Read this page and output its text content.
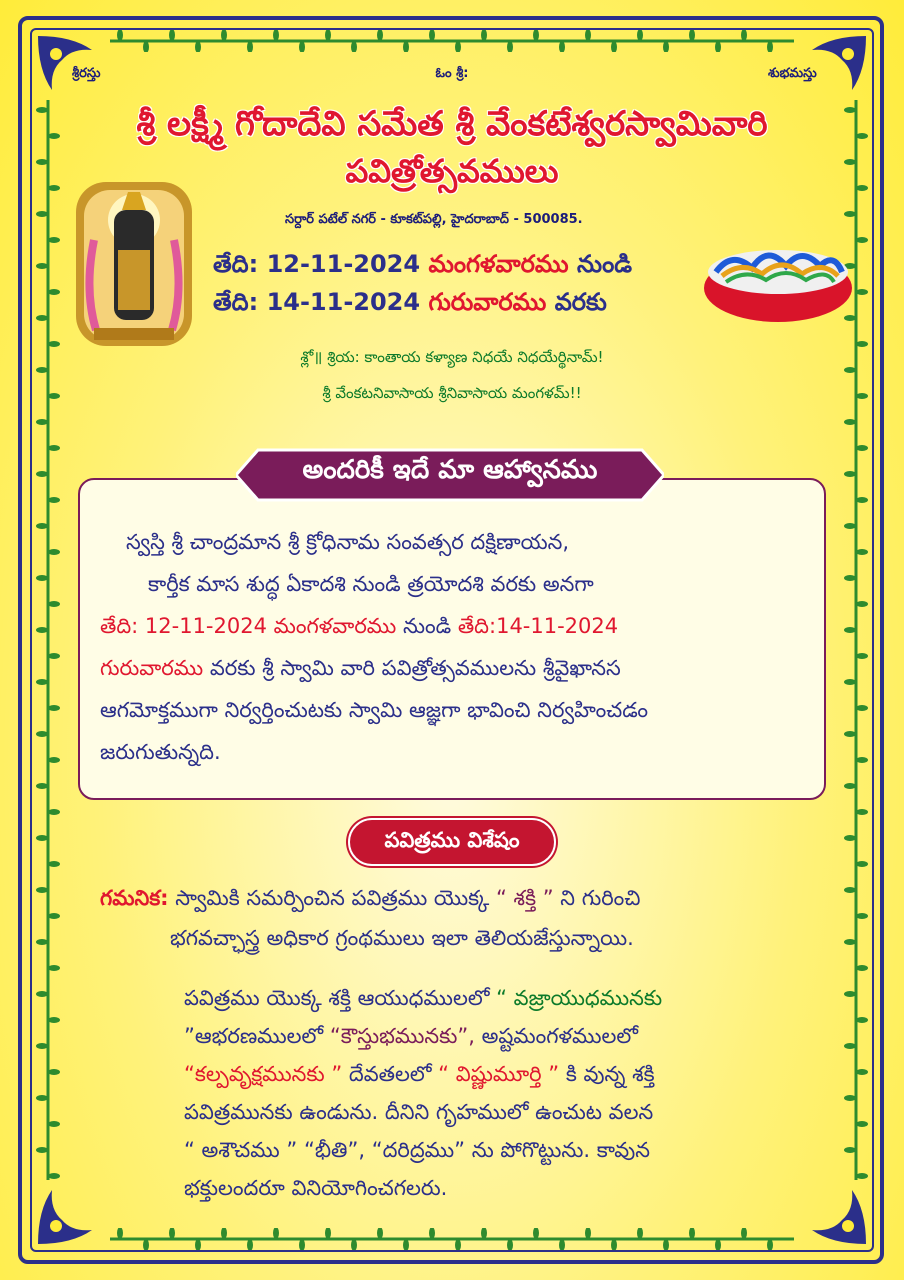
శ్రీరస్తు	ఓం శ్రీ:	శుభమస్తు
శ్రీ లక్ష్మీ గోదాదేవి సమేత శ్రీ వేంకటేశ్వరస్వామివారి
పవిత్రోత్సవములు
సర్దార్ పటేల్ నగర్ - కూకట్‌పల్లి, హైదరాబాద్ - 500085.
తేది: 12-11-2024 మంగళవారము నుండి
తేది: 14-11-2024 గురువారము వరకు
శ్లో॥ శ్రియ: కాంతాయ కళ్యాణ నిధయే నిధయేర్థినామ్!
శ్రీ వేంకటనివాసాయ శ్రీనివాసాయ మంగళమ్!!
అందరికీ ఇదే మా ఆహ్వానము
స్వస్తి శ్రీ చాంద్రమాన శ్రీ క్రోధినామ సంవత్సర దక్షిణాయన,
కార్తీక మాస శుద్ధ ఏకాదశి నుండి త్రయోదశి వరకు అనగా
తేది: 12-11-2024 మంగళవారము నుండి తేది:14-11-2024
గురువారము వరకు శ్రీ స్వామి వారి పవిత్రోత్సవములను శ్రీవైఖానస
ఆగమోక్తముగా నిర్వర్తించుటకు స్వామి ఆజ్ఞగా భావించి నిర్వహించడం
జరుగుతున్నది.
పవిత్రము విశేషం
గమనిక: స్వామికి సమర్పించిన పవిత్రము యొక్క “ శక్తి ” ని గురించి
భగవచ్ఛాస్త్ర అధికార గ్రంథములు ఇలా తెలియజేస్తున్నాయి.
పవిత్రము యొక్క శక్తి ఆయుధములలో “ వజ్రాయుధమునకు
”ఆభరణములలో “కౌస్తుభమునకు”, అష్టమంగళములలో
“కల్పవృక్షమునకు ” దేవతలలో “ విష్ణుమూర్తి ” కి వున్న శక్తి
పవిత్రమునకు ఉండును. దీనిని గృహములో ఉంచుట వలన
“ అశౌచము ” “భీతి”, “దరిద్రము” ను పోగొట్టును. కావున
భక్తులందరూ వినియోగించగలరు.
